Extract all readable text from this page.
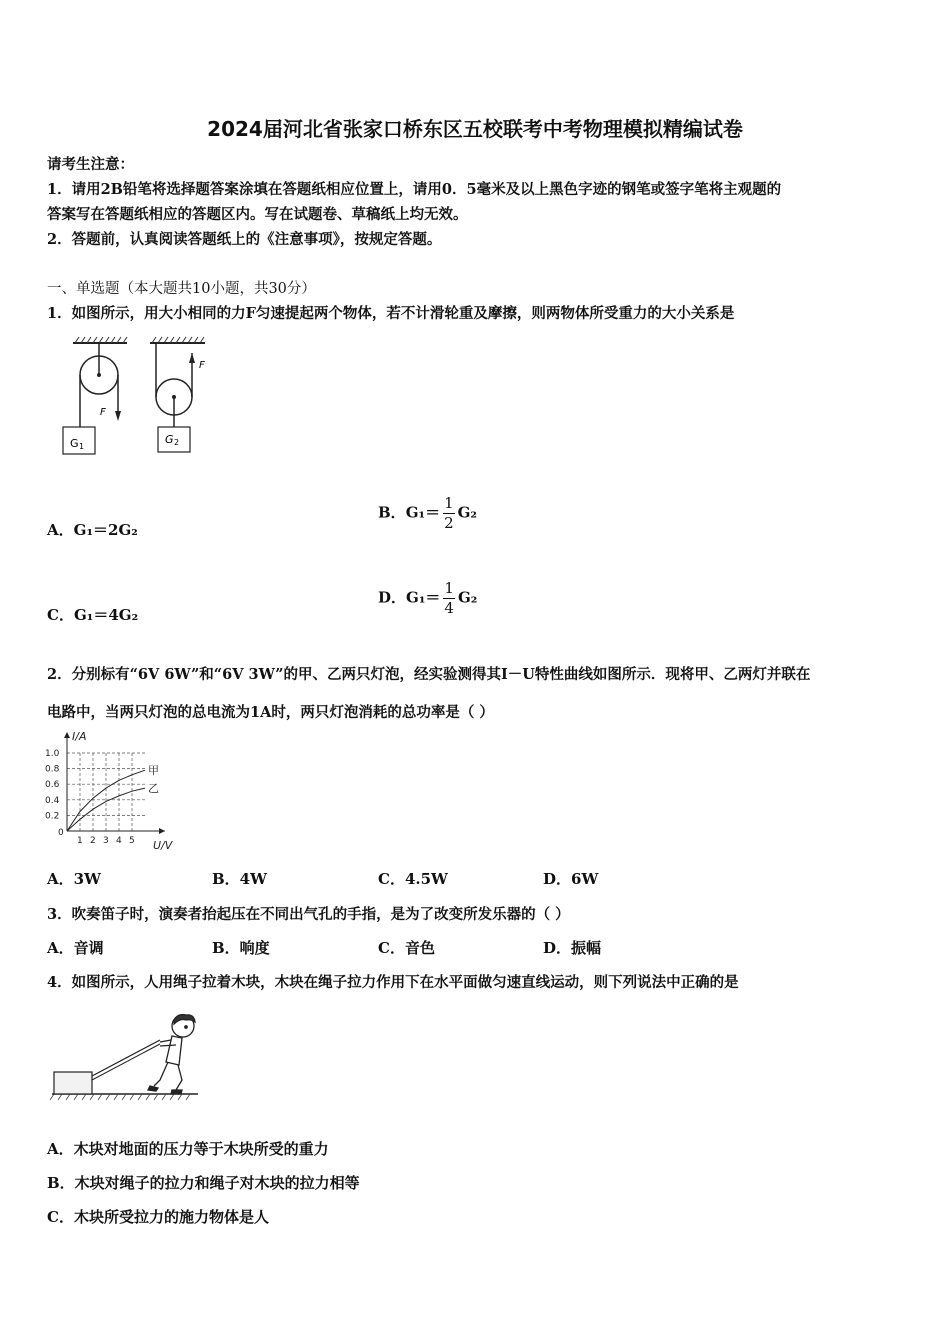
2024届河北省张家口桥东区五校联考中考物理模拟精编试卷
请考生注意：
1．请用2B铅笔将选择题答案涂填在答题纸相应位置上，请用0．5毫米及以上黑色字迹的钢笔或签字笔将主观题的
答案写在答题纸相应的答题区内。写在试题卷、草稿纸上均无效。
2．答题前，认真阅读答题纸上的《注意事项》，按规定答题。
一、单选题（本大题共10小题，共30分）
1．如图所示，用大小相同的力F匀速提起两个物体，若不计滑轮重及摩擦，则两物体所受重力的大小关系是
F
G 1
F
G 2
A．G₁＝2G₂
B．$G_1= \frac{1}{2} G_2$
C．G₁＝4G₂
D．$G_1= \frac{1}{4} G_2$
2．分别标有“6V 6W”和“6V 3W”的甲、乙两只灯泡，经实验测得其I－U特性曲线如图所示．现将甲、乙两灯并联在
电路中，当两只灯泡的总电流为1A时，两只灯泡消耗的总功率是（ ）
1 2 3 4 5
0.2
0.4
0.6
0.8
1.0
0
I/A
U/V
甲
乙
A．3W	B．4W	C．4.5W	D．6W
3．吹奏笛子时，演奏者抬起压在不同出气孔的手指，是为了改变所发乐器的（ ）
A．音调	B．响度	C．音色	D．振幅
4．如图所示，人用绳子拉着木块，木块在绳子拉力作用下在水平面做匀速直线运动，则下列说法中正确的是
A．木块对地面的压力等于木块所受的重力
B．木块对绳子的拉力和绳子对木块的拉力相等
C．木块所受拉力的施力物体是人
